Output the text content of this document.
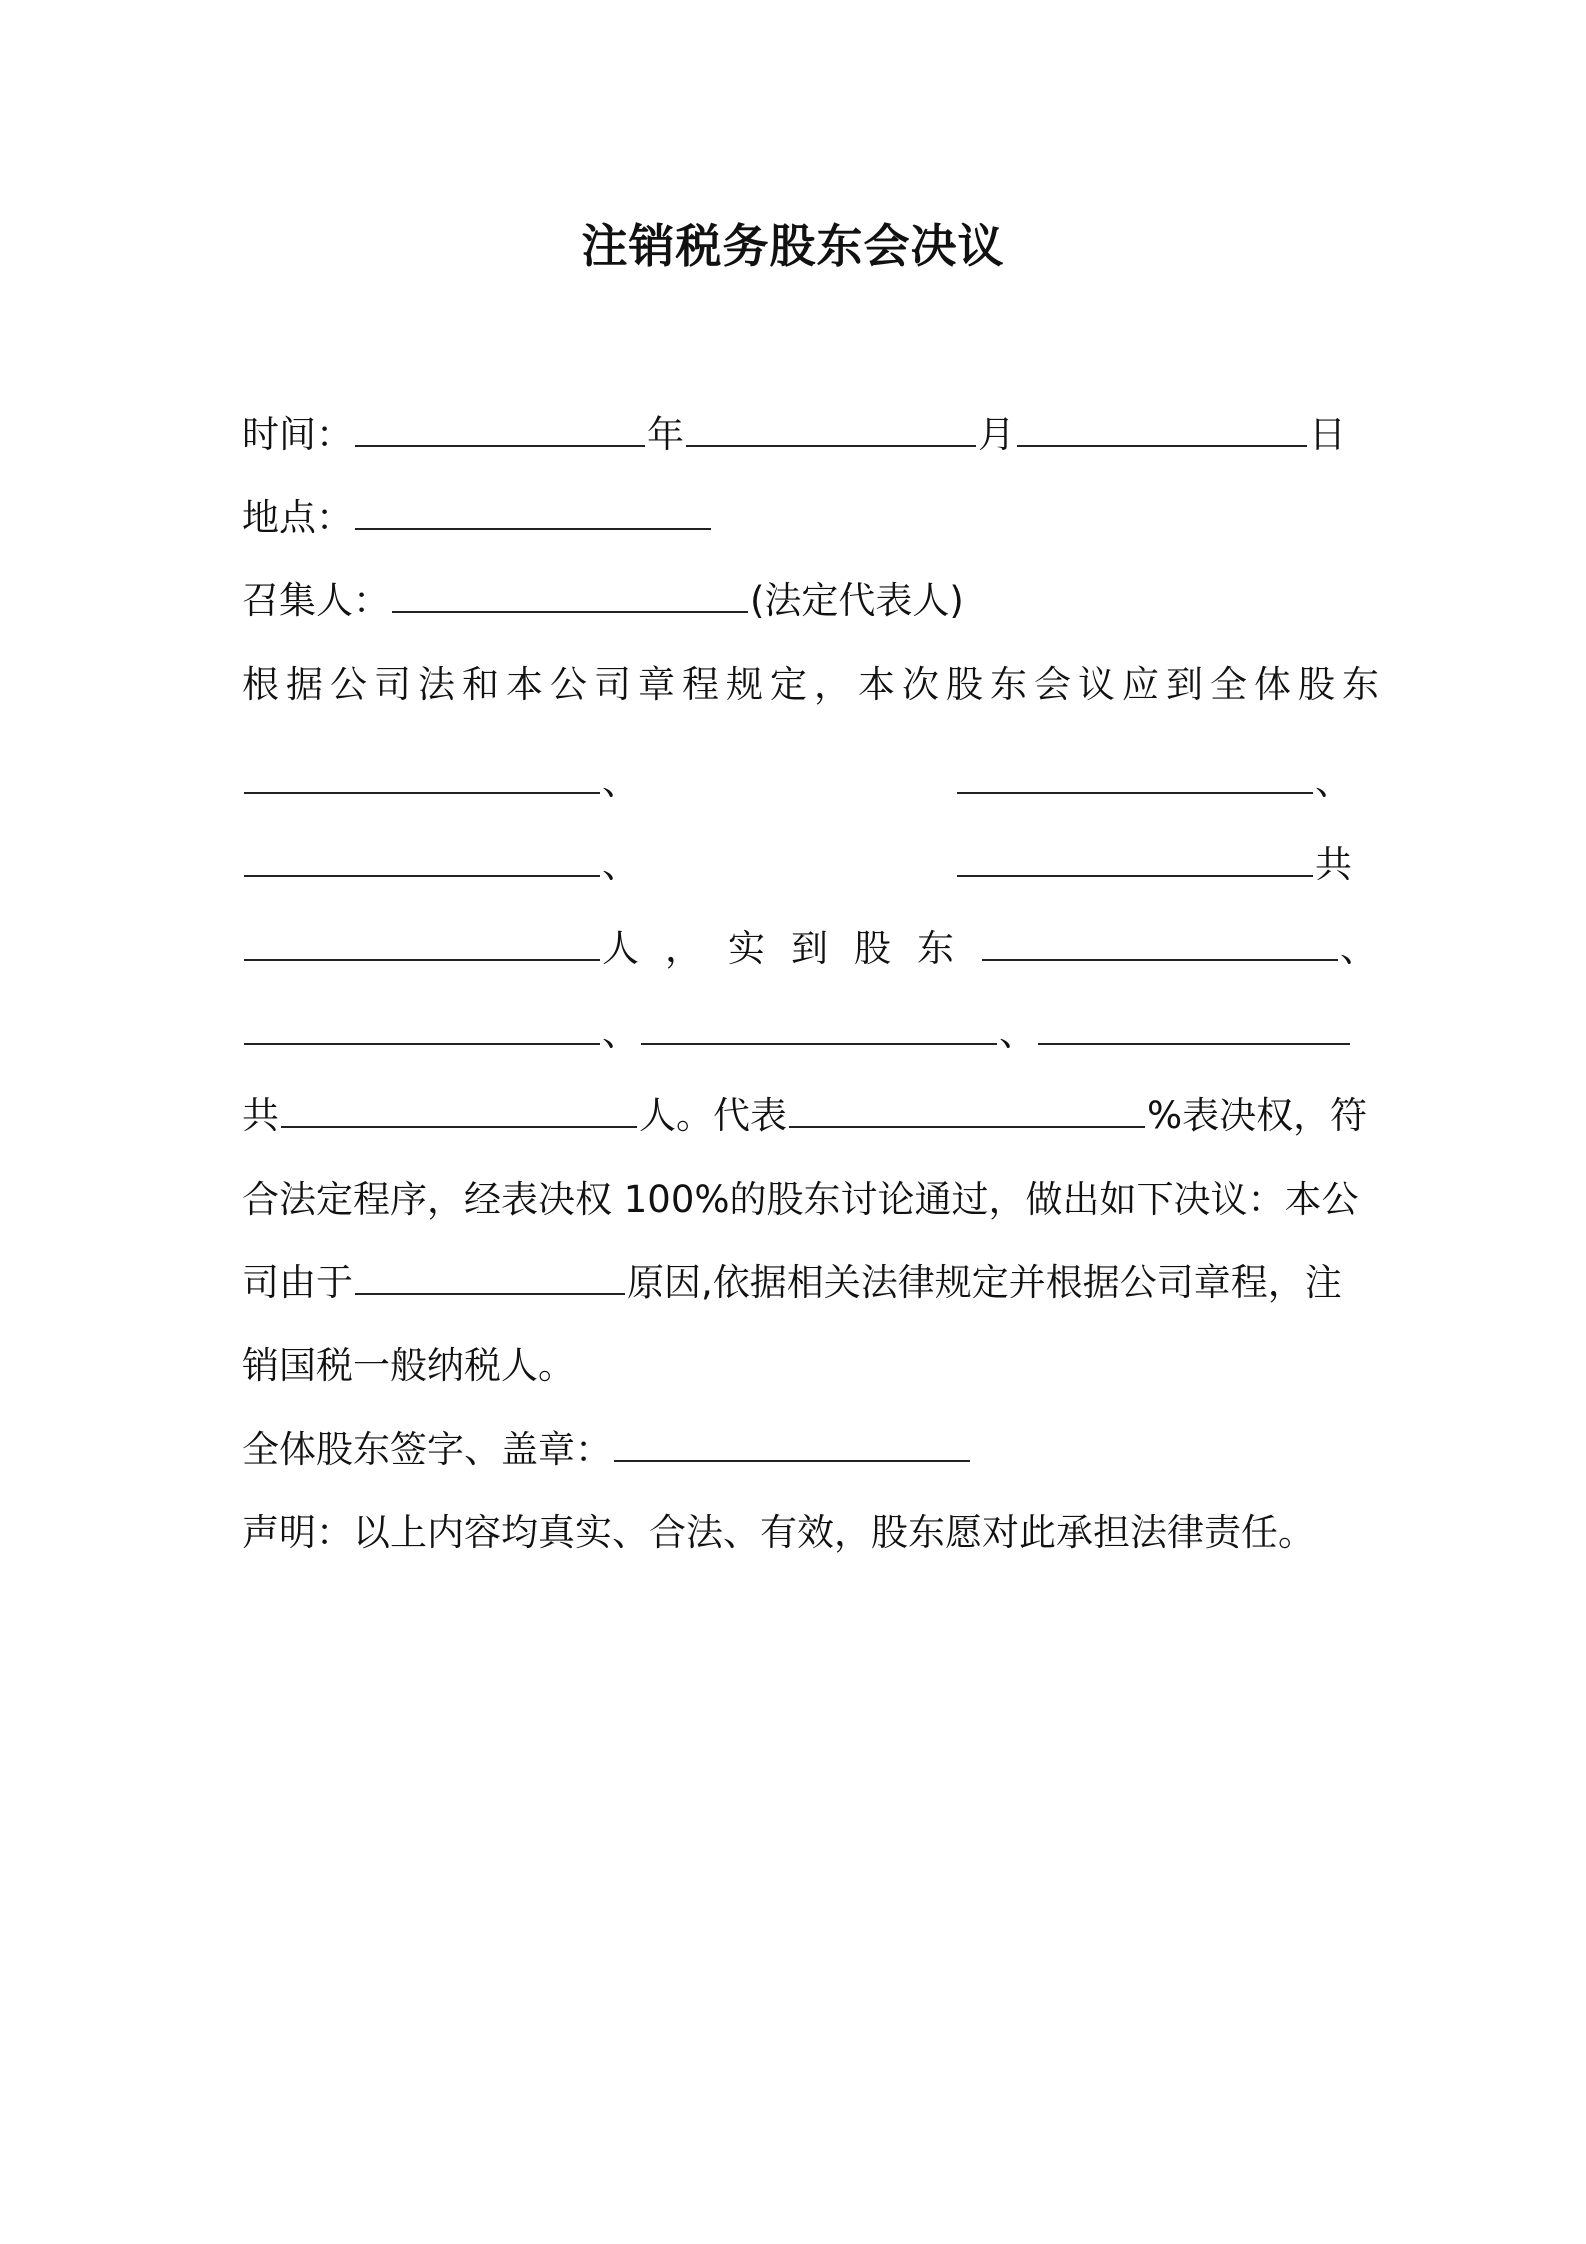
注销税务股东会决议
时间：	年	月	日
地点：
召集人：	(法定代表人)
根据公司法和本公司章程规定，本次股东会议应到全体股东
、	、
、	共
人， 实到股东	、
、	、
共	人。代表	%表决权，符
合法定程序，经表决权 100%的股东讨论通过，做出如下决议：本公
司由于	原因,依据相关法律规定并根据公司章程，注
销国税一般纳税人。
全体股东签字、盖章：
声明：以上内容均真实、合法、有效，股东愿对此承担法律责任。
